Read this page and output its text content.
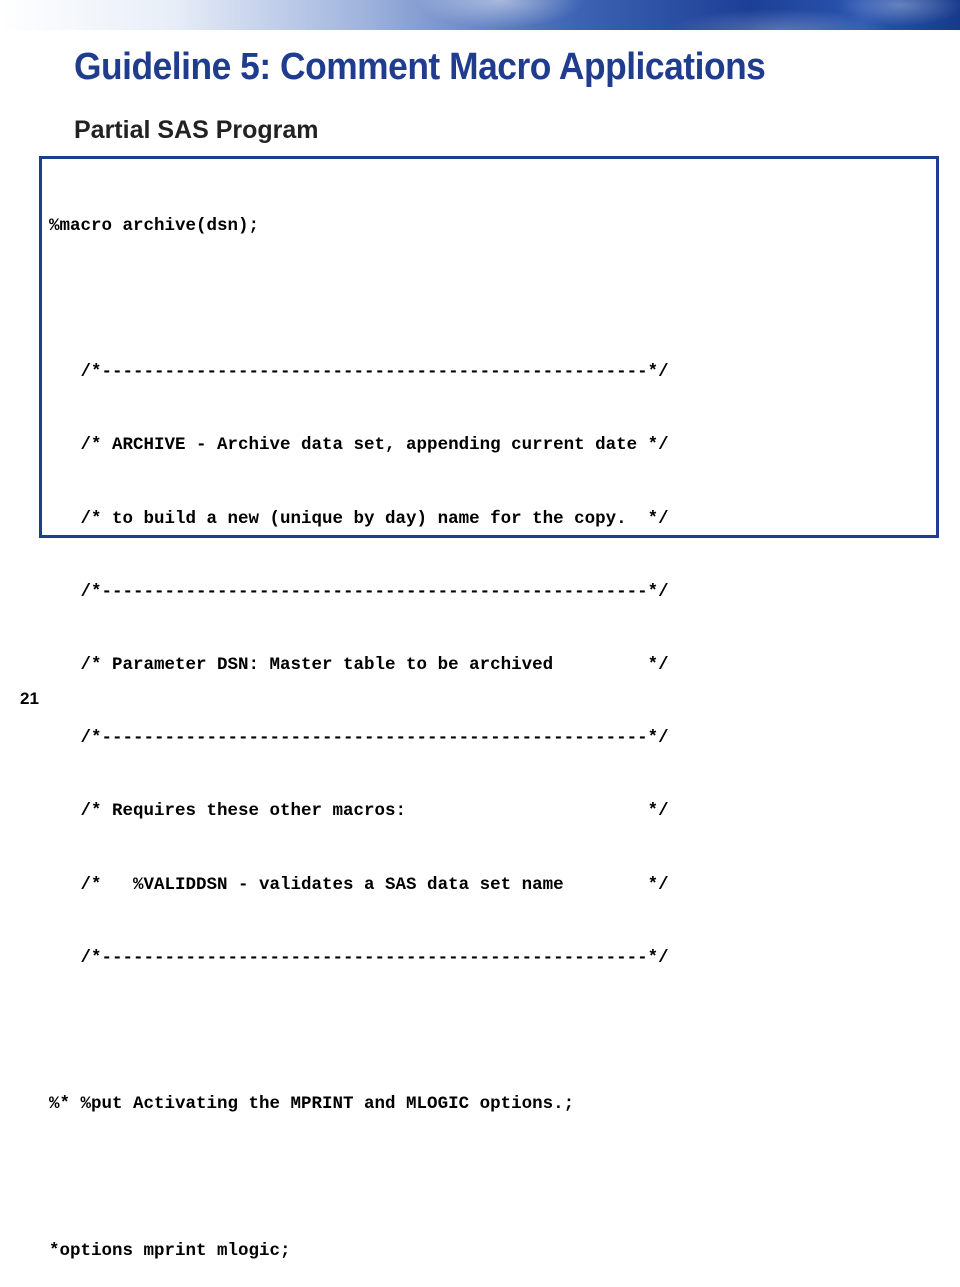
Guideline 5: Comment Macro Applications
Partial SAS Program

%macro archive(dsn);

/*----------------------------------------------------*/

/* ARCHIVE - Archive data set, appending current date */

/* to build a new (unique by day) name for the copy.  */

/*----------------------------------------------------*/

/* Parameter DSN: Master table to be archived         */

/*----------------------------------------------------*/

/* Requires these other macros:                       */

/*   %VALIDDSN - validates a SAS data set name        */

/*----------------------------------------------------*/

%* %put Activating the MPRINT and MLOGIC options.;

*options mprint mlogic;

21
